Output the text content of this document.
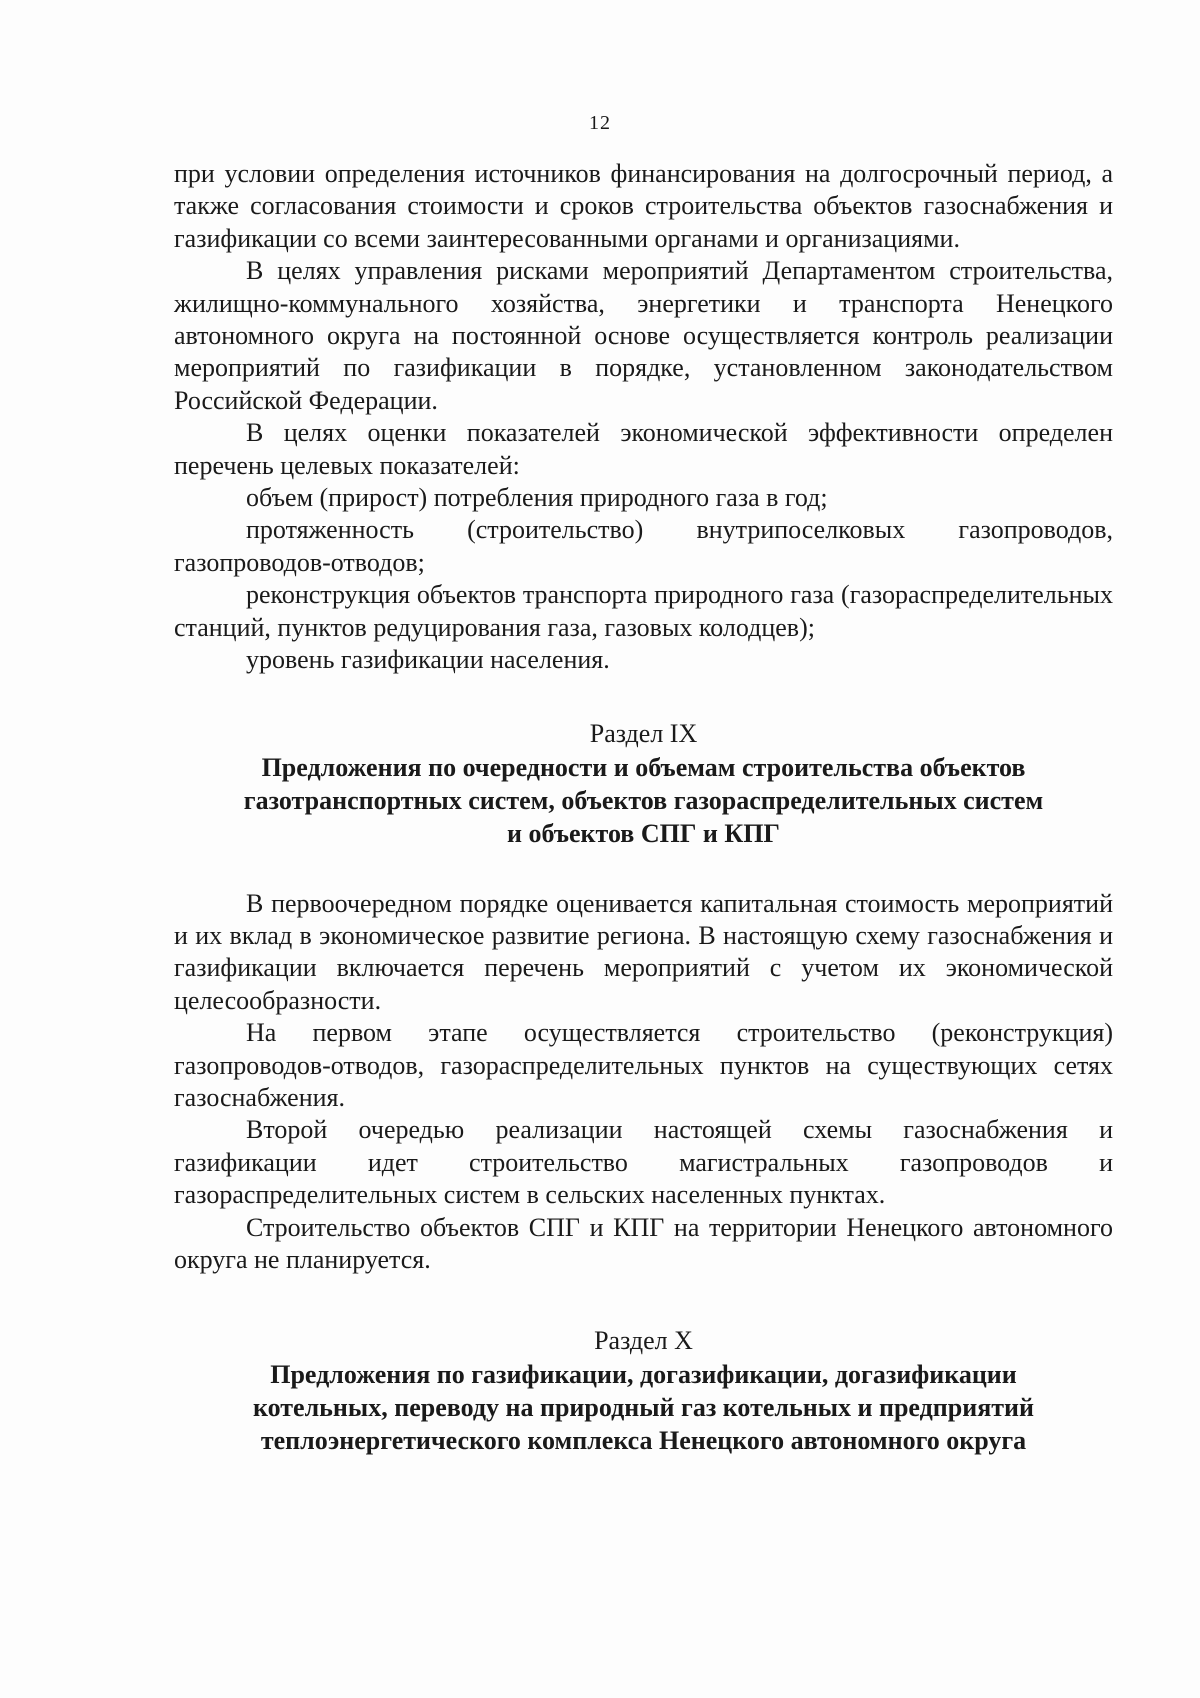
12

при условии определения источников финансирования на долгосрочный период, а также согласования стоимости и сроков строительства объектов газоснабжения и газификации со всеми заинтересованными органами и организациями.

В целях управления рисками мероприятий Департаментом строительства, жилищно-коммунального хозяйства, энергетики и транспорта Ненецкого автономного округа на постоянной основе осуществляется контроль реализации мероприятий по газификации в порядке, установленном законодательством Российской Федерации.

В целях оценки показателей экономической эффективности определен перечень целевых показателей:

объем (прирост) потребления природного газа в год;

протяженность (строительство) внутрипоселковых газопроводов, газопроводов-отводов;

реконструкция объектов транспорта природного газа (газораспределительных станций, пунктов редуцирования газа, газовых колодцев);

уровень газификации населения.

Раздел IX

Предложения по очередности и объемам строительства объектов

газотранспортных систем, объектов газораспределительных систем

и объектов СПГ и КПГ

В первоочередном порядке оценивается капитальная стоимость мероприятий и их вклад в экономическое развитие региона. В настоящую схему газоснабжения и газификации включается перечень мероприятий с учетом их экономической целесообразности.

На первом этапе осуществляется строительство (реконструкция) газопроводов-отводов, газораспределительных пунктов на существующих сетях газоснабжения.

Второй очередью реализации настоящей схемы газоснабжения и газификации идет строительство магистральных газопроводов и газораспределительных систем в сельских населенных пунктах.

Строительство объектов СПГ и КПГ на территории Ненецкого автономного округа не планируется.

Раздел X

Предложения по газификации, догазификации, догазификации

котельных, переводу на природный газ котельных и предприятий

теплоэнергетического комплекса Ненецкого автономного округа
